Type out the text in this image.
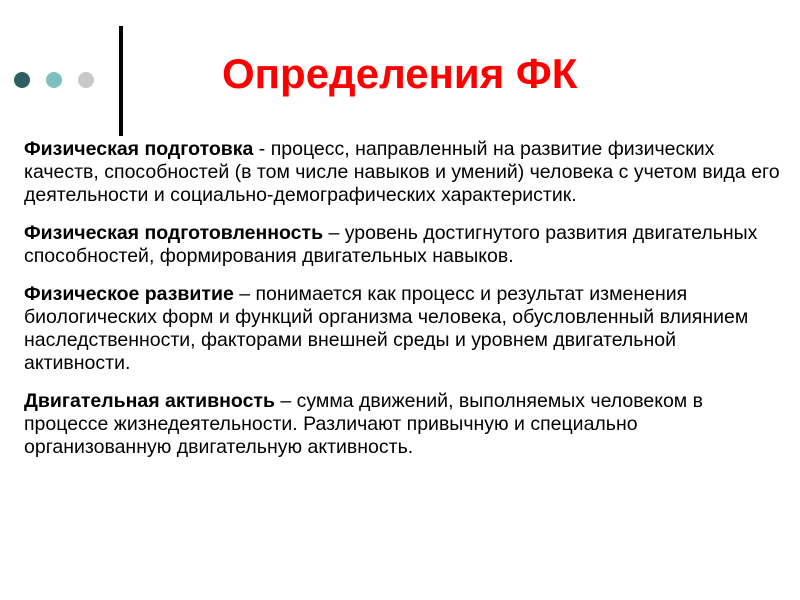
Определения ФК

Физическая подготовка - процесс, направленный на развитие физических качеств, способностей (в том числе навыков и умений) человека с учетом вида его деятельности и социально-демографических характеристик.

Физическая подготовленность – уровень достигнутого развития двигательных способностей, формирования двигательных навыков.

Физическое развитие – понимается как процесс и результат изменения биологических форм и функций организма человека, обусловленный влиянием наследственности, факторами внешней среды и уровнем двигательной активности.

Двигательная активность – сумма движений, выполняемых человеком в процессе жизнедеятельности. Различают привычную и специально организованную двигательную активность.
